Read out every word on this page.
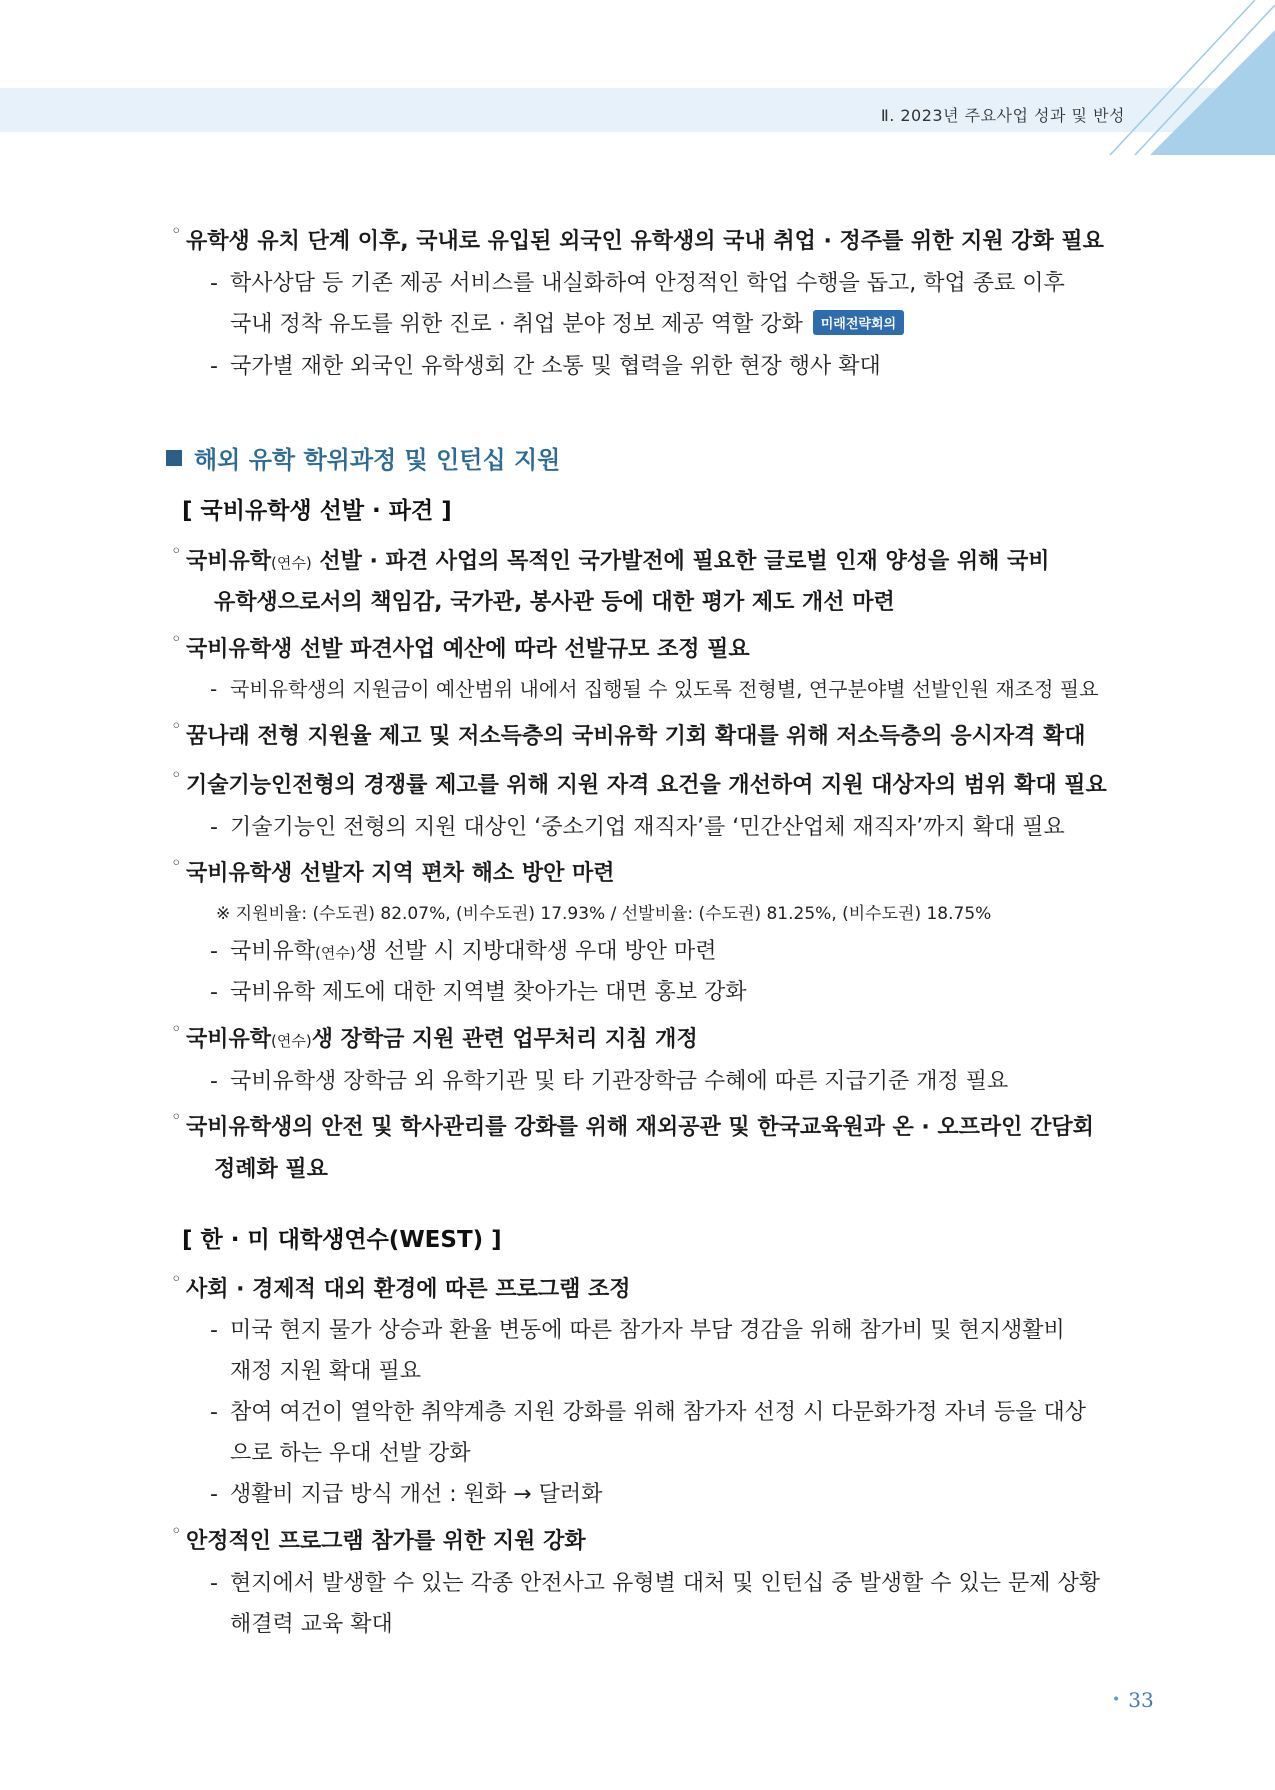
Ⅱ. 2023년 주요사업 성과 및 반성
◦ 유학생 유치 단계 이후, 국내로 유입된 외국인 유학생의 국내 취업 · 정주를 위한 지원 강화 필요
- 학사상담 등 기존 제공 서비스를 내실화하여 안정적인 학업 수행을 돕고, 학업 종료 이후
국내 정착 유도를 위한 진로 · 취업 분야 정보 제공 역할 강화 미래전략회의
- 국가별 재한 외국인 유학생회 간 소통 및 협력을 위한 현장 행사 확대
해외 유학 학위과정 및 인턴십 지원
[ 국비유학생 선발 · 파견 ]
◦ 국비유학(연수) 선발 · 파견 사업의 목적인 국가발전에 필요한 글로벌 인재 양성을 위해 국비
유학생으로서의 책임감, 국가관, 봉사관 등에 대한 평가 제도 개선 마련
◦ 국비유학생 선발 파견사업 예산에 따라 선발규모 조정 필요
- 국비유학생의 지원금이 예산범위 내에서 집행될 수 있도록 전형별, 연구분야별 선발인원 재조정 필요
◦ 꿈나래 전형 지원율 제고 및 저소득층의 국비유학 기회 확대를 위해 저소득층의 응시자격 확대
◦ 기술기능인전형의 경쟁률 제고를 위해 지원 자격 요건을 개선하여 지원 대상자의 범위 확대 필요
- 기술기능인 전형의 지원 대상인 ‘중소기업 재직자’를 ‘민간산업체 재직자’까지 확대 필요
◦ 국비유학생 선발자 지역 편차 해소 방안 마련
※ 지원비율: (수도권) 82.07%, (비수도권) 17.93% / 선발비율: (수도권) 81.25%, (비수도권) 18.75%
- 국비유학(연수)생 선발 시 지방대학생 우대 방안 마련
- 국비유학 제도에 대한 지역별 찾아가는 대면 홍보 강화
◦ 국비유학(연수)생 장학금 지원 관련 업무처리 지침 개정
- 국비유학생 장학금 외 유학기관 및 타 기관장학금 수혜에 따른 지급기준 개정 필요
◦ 국비유학생의 안전 및 학사관리를 강화를 위해 재외공관 및 한국교육원과 온 · 오프라인 간담회
정례화 필요
[ 한 · 미 대학생연수(WEST) ]
◦ 사회 · 경제적 대외 환경에 따른 프로그램 조정
- 미국 현지 물가 상승과 환율 변동에 따른 참가자 부담 경감을 위해 참가비 및 현지생활비
재정 지원 확대 필요
- 참여 여건이 열악한 취약계층 지원 강화를 위해 참가자 선정 시 다문화가정 자녀 등을 대상
으로 하는 우대 선발 강화
- 생활비 지급 방식 개선 : 원화 → 달러화
◦ 안정적인 프로그램 참가를 위한 지원 강화
- 현지에서 발생할 수 있는 각종 안전사고 유형별 대처 및 인턴십 중 발생할 수 있는 문제 상황
해결력 교육 확대
• 33
